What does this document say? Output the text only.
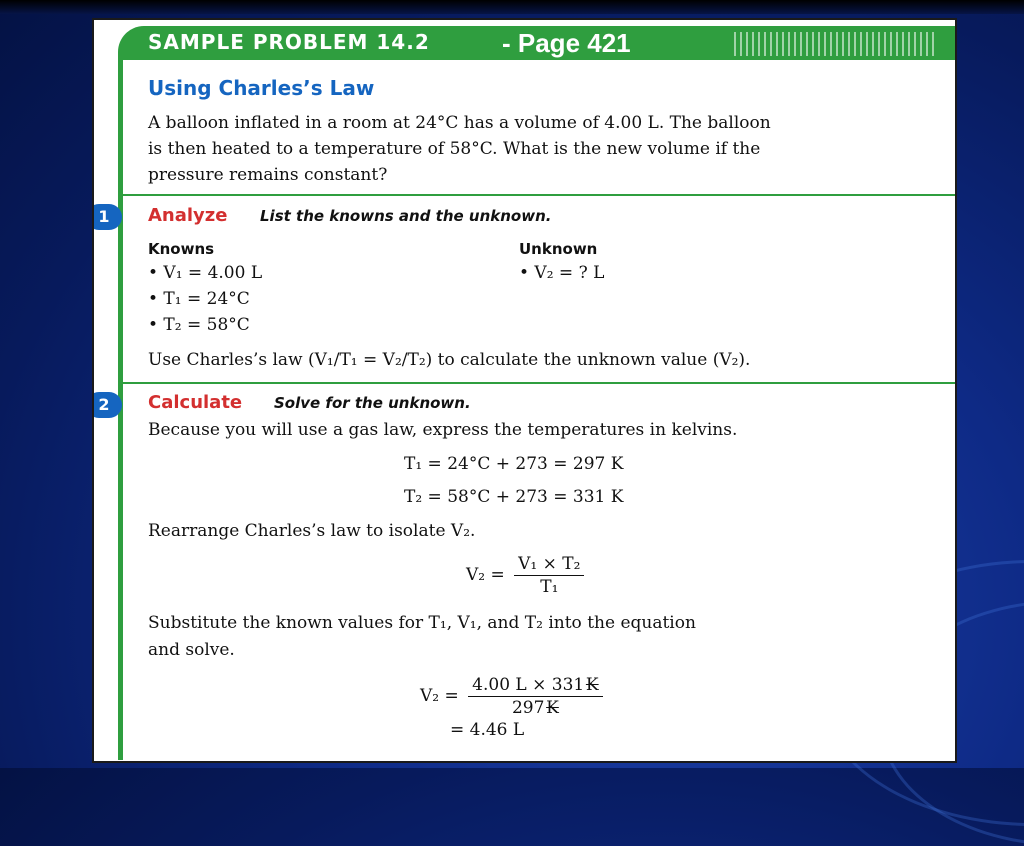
SAMPLE PROBLEM 14.2	- Page 421
Using Charles’s Law
A balloon inflated in a room at 24°C has a volume of 4.00 L. The balloon
is then heated to a temperature of 58°C. What is the new volume if the
pressure remains constant?
1	Analyze List the knowns and the unknown.
Knowns
• V₁ = 4.00 L
• T₁ = 24°C
• T₂ = 58°C
Unknown
• V₂ = ? L
Use Charles’s law (V₁/T₁ = V₂/T₂) to calculate the unknown value (V₂).
2	Calculate Solve for the unknown.
Because you will use a gas law, express the temperatures in kelvins.
T₁ = 24°C + 273 = 297 K
T₂ = 58°C + 273 = 331 K
Rearrange Charles’s law to isolate V₂.
$V_2 = \frac{\text{V₁ × T₂}}{\text{T₁}}$
Substitute the known values for T₁, V₁, and T₂ into the equation
and solve.
$V_2 = \frac{4.00 L \times 331 K}{297 K}$
= 4.46 L
